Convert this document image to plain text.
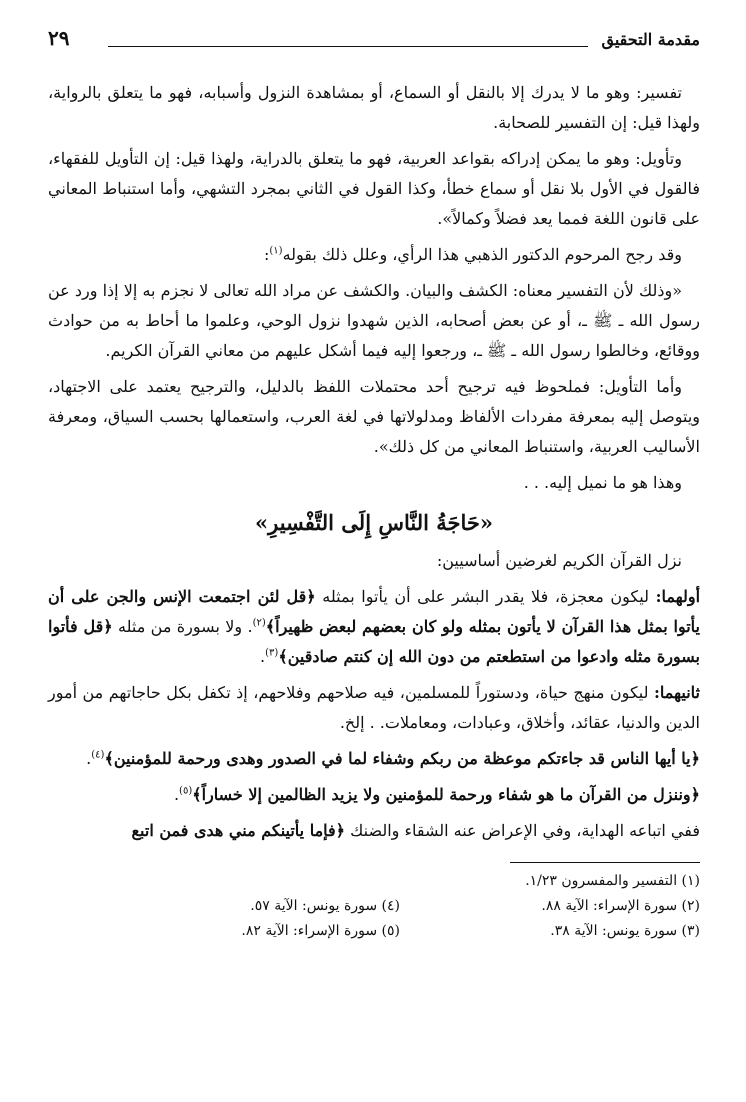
مقدمة التحقيق
٢٩

تفسير: وهو ما لا يدرك إلا بالنقل أو السماع، أو بمشاهدة النزول وأسبابه، فهو ما يتعلق بالرواية، ولهذا قيل: إن التفسير للصحابة.

وتأويل: وهو ما يمكن إدراكه بقواعد العربية، فهو ما يتعلق بالدراية، ولهذا قيل: إن التأويل للفقهاء، فالقول في الأول بلا نقل أو سماع خطأ، وكذا القول في الثاني بمجرد التشهي، وأما استنباط المعاني على قانون اللغة فمما يعد فضلاً وكمالاً».

وقد رجح المرحوم الدكتور الذهبي هذا الرأي، وعلل ذلك بقوله$^{(١)}$:

«وذلك لأن التفسير معناه: الكشف والبيان. والكشف عن مراد الله تعالى لا نجزم به إلا إذا ورد عن رسول الله ـ ﷺ ـ، أو عن بعض أصحابه، الذين شهدوا نزول الوحي، وعلموا ما أحاط به من حوادث ووقائع، وخالطوا رسول الله ـ ﷺ ـ، ورجعوا إليه فيما أشكل عليهم من معاني القرآن الكريم.

وأما التأويل: فملحوظ فيه ترجيح أحد محتملات اللفظ بالدليل، والترجيح يعتمد على الاجتهاد، ويتوصل إليه بمعرفة مفردات الألفاظ ومدلولاتها في لغة العرب، واستعمالها بحسب السياق، ومعرفة الأساليب العربية، واستنباط المعاني من كل ذلك».

وهذا هو ما نميل إليه. . .

«حَاجَةُ النَّاسِ إِلَى التَّفْسِيرِ»

نزل القرآن الكريم لغرضين أساسيين:

أولهما: ليكون معجزة، فلا يقدر البشر على أن يأتوا بمثله ﴿قل لئن اجتمعت الإنس والجن على أن يأتوا بمثل هذا القرآن لا يأتون بمثله ولو كان بعضهم لبعض ظهيراً﴾$^{(٢)}$. ولا بسورة من مثله ﴿قل فأتوا بسورة مثله وادعوا من استطعتم من دون الله إن كنتم صادقين﴾$^{(٣)}$.

ثانيهما: ليكون منهج حياة، ودستوراً للمسلمين، فيه صلاحهم وفلاحهم، إذ تكفل بكل حاجاتهم من أمور الدين والدنيا، عقائد، وأخلاق، وعبادات، ومعاملات. . إلخ.

﴿يا أيها الناس قد جاءتكم موعظة من ربكم وشفاء لما في الصدور وهدى ورحمة للمؤمنين﴾$^{(٤)}$.

﴿وننزل من القرآن ما هو شفاء ورحمة للمؤمنين ولا يزيد الظالمين إلا خساراً﴾$^{(٥)}$.

ففي اتباعه الهداية، وفي الإعراض عنه الشقاء والضنك ﴿فإما يأتينكم مني هدى فمن اتبع

(١) التفسير والمفسرون ١/٢٣.
(٢) سورة الإسراء: الآية ٨٨.
(٤) سورة يونس: الآية ٥٧.
(٣) سورة يونس: الآية ٣٨.
(٥) سورة الإسراء: الآية ٨٢.
